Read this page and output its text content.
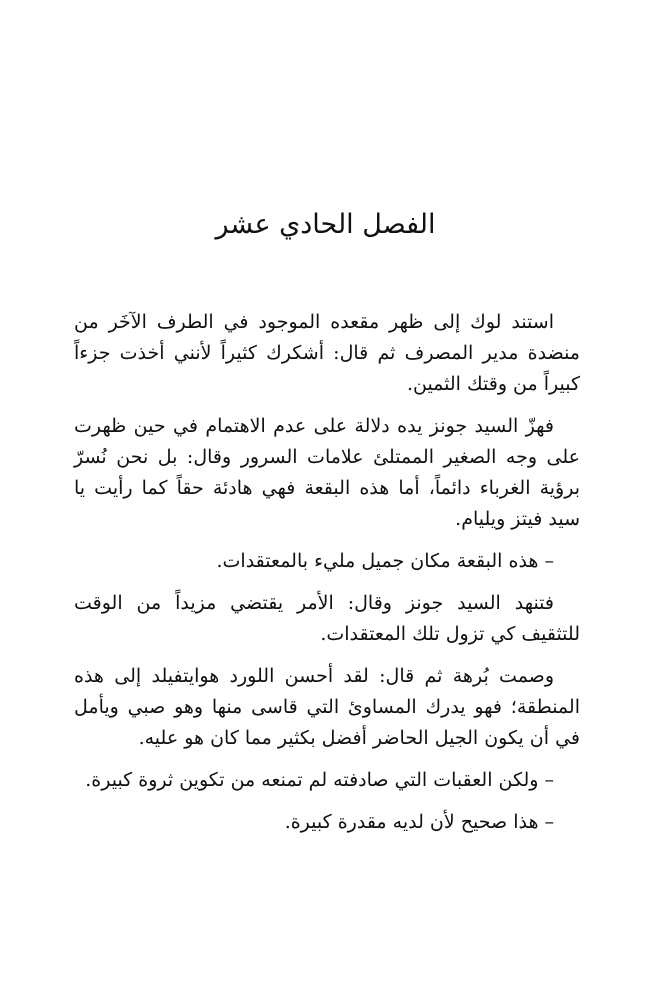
الفصل الحادي عشر

استند لوك إلى ظهر مقعده الموجود في الطرف الآخَر من منضدة مدير المصرف ثم قال: أشكرك كثيراً لأنني أخذت جزءاً كبيراً من وقتك الثمين.

فهزّ السيد جونز يده دلالة على عدم الاهتمام في حين ظهرت على وجه الصغير الممتلئ علامات السرور وقال: بل نحن نُسرّ برؤية الغرباء دائماً، أما هذه البقعة فهي هادئة حقاً كما رأيت يا سيد فيتز ويليام.

– هذه البقعة مكان جميل مليء بالمعتقدات.

فتنهد السيد جونز وقال: الأمر يقتضي مزيداً من الوقت للتثقيف كي تزول تلك المعتقدات.

وصمت بُرهة ثم قال: لقد أحسن اللورد هوايتفيلد إلى هذه المنطقة؛ فهو يدرك المساوئ التي قاسى منها وهو صبي ويأمل في أن يكون الجيل الحاضر أفضل بكثير مما كان هو عليه.

– ولكن العقبات التي صادفته لم تمنعه من تكوين ثروة كبيرة.

– هذا صحيح لأن لديه مقدرة كبيرة.
